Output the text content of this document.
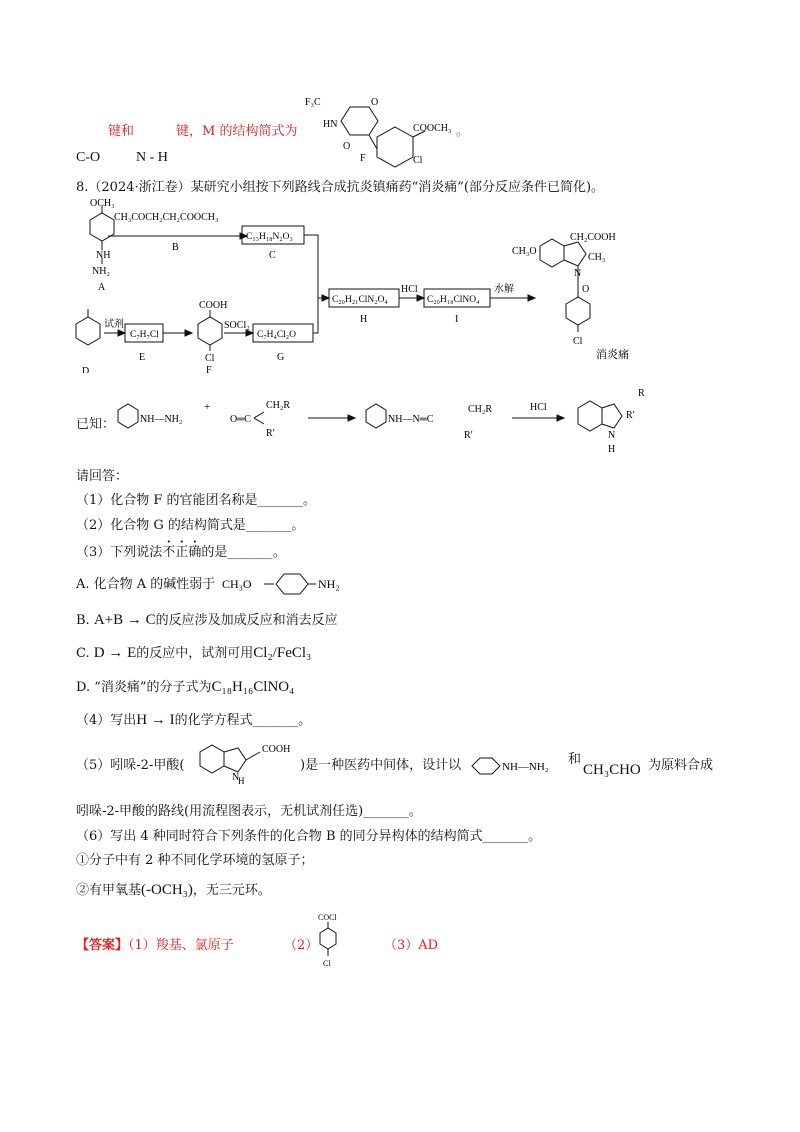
键和	键，M 的结构简式为	。
C-O	N - H
F₃C	O
HN
O
COOCH₃
F	Cl
8.（2024·浙江卷）某研究小组按下列路线合成抗炎镇痛药“消炎痛”(部分反应条件已简化)。
OCH₃
NH
NH₂
A
CH₃COCH₂CH₂COOCH₃
B
C₁₃H₁₈N₂O₃
C
D
试剂
C₇H₇Cl
E
COOH
Cl
F
SOCl₂
C₇H₄Cl₂O
G
C₂₀H₂₁ClN₂O₄
H
HCl
C₂₀H₁₈ClNO₄
I
水解
CH₃O
CH₂COOH
CH₃
N
O
Cl
消炎痛
已知： NH—NH₂
+
O═C
CH₂R
R′
NH—N═C
CH₂R
R′
HCl
R
R′
N
H
请回答：
（1）化合物 F 的官能团名称是_______。
（2）化合物 G 的结构简式是_______。
（3）下列说法不正确的是_______。
A. 化合物 A 的碱性弱于 CH₃O	NH₂
B. A+B → C的反应涉及加成反应和消去反应
C. D → E的反应中，试剂可用Cl₂/FeCl₃
D. “消炎痛”的分子式为C₁₈H₁₆ClNO₄
（4）写出H → I的化学方程式_______。
（5）吲哚-2-甲酸(
COOH
N
H
)是一种医药中间体，设计以	NH—NH₂ 和
CH₃CHO 为原料合成
吲哚-2-甲酸的路线(用流程图表示，无机试剂任选)_______。
（6）写出 4 种同时符合下列条件的化合物 B 的同分异构体的结构简式_______。
①分子中有 2 种不同化学环境的氢原子；
②有甲氧基(-OCH₃)，无三元环。
【答案】（1）羧基、氯原子	（2）
COCl
Cl
（3）AD
